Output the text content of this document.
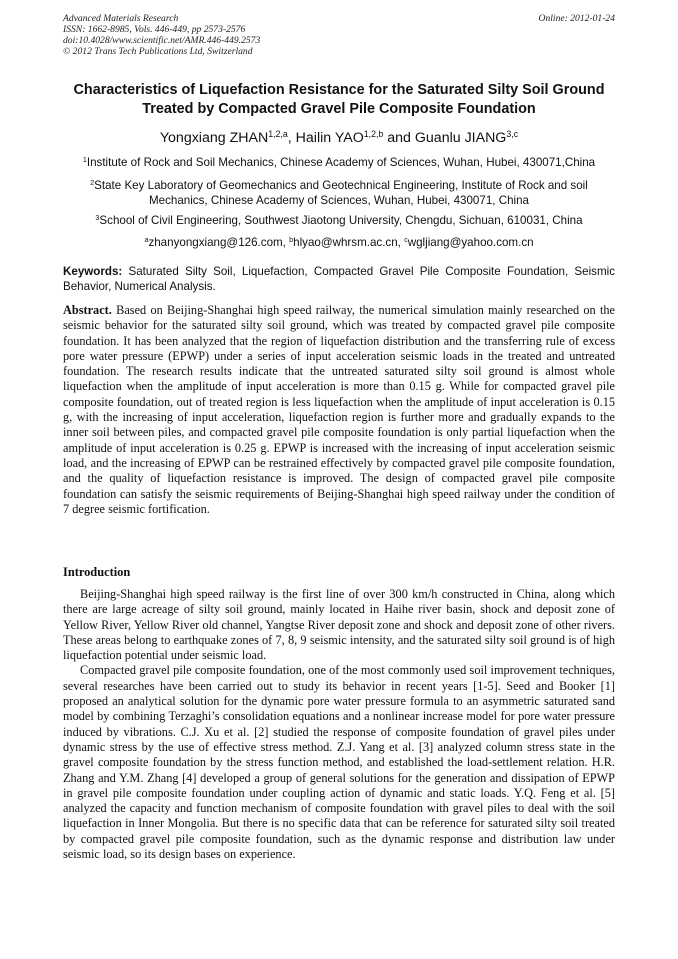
Advanced Materials Research
ISSN: 1662-8985, Vols. 446-449, pp 2573-2576
doi:10.4028/www.scientific.net/AMR.446-449.2573
© 2012 Trans Tech Publications Ltd, Switzerland
Online: 2012-01-24
Characteristics of Liquefaction Resistance for the Saturated Silty Soil Ground Treated by Compacted Gravel Pile Composite Foundation
Yongxiang ZHAN$^{1,2,a}$, Hailin YAO$^{1,2,b}$ and Guanlu JIANG$^{3,c}$
$^1$Institute of Rock and Soil Mechanics, Chinese Academy of Sciences, Wuhan, Hubei, 430071,China
$^2$State Key Laboratory of Geomechanics and Geotechnical Engineering, Institute of Rock and soil Mechanics, Chinese Academy of Sciences, Wuhan, Hubei, 430071, China
$^3$School of Civil Engineering, Southwest Jiaotong University, Chengdu, Sichuan, 610031, China
$^a$zhanyongxiang@126.com, $^b$hlyao@whrsm.ac.cn, $^c$wgljiang@yahoo.com.cn
Keywords: Saturated Silty Soil, Liquefaction, Compacted Gravel Pile Composite Foundation, Seismic Behavior, Numerical Analysis.

Abstract. Based on Beijing-Shanghai high speed railway, the numerical simulation mainly researched on the seismic behavior for the saturated silty soil ground, which was treated by compacted gravel pile composite foundation. It has been analyzed that the region of liquefaction distribution and the transferring rule of excess pore water pressure (EPWP) under a series of input acceleration seismic loads in the treated and untreated foundation. The research results indicate that the untreated saturated silty soil ground is almost whole liquefaction when the amplitude of input acceleration is more than 0.15 g. While for compacted gravel pile composite foundation, out of treated region is less liquefaction when the amplitude of input acceleration is 0.15 g, with the increasing of input acceleration, liquefaction region is further more and gradually expands to the inner soil between piles, and compacted gravel pile composite foundation is only partial liquefaction when the amplitude of input acceleration is 0.25 g. EPWP is increased with the increasing of input acceleration seismic load, and the increasing of EPWP can be restrained effectively by compacted gravel pile composite foundation, and the quality of liquefaction resistance is improved. The design of compacted gravel pile composite foundation can satisfy the seismic requirements of Beijing-Shanghai high speed railway under the condition of 7 degree seismic fortification.

Introduction

Beijing-Shanghai high speed railway is the first line of over 300 km/h constructed in China, along which there are large acreage of silty soil ground, mainly located in Haihe river basin, shock and deposit zone of Yellow River, Yellow River old channel, Yangtse River deposit zone and shock and deposit zone of other rivers. These areas belong to earthquake zones of 7, 8, 9 seismic intensity, and the saturated silty soil ground is of high liquefaction potential under seismic load.

Compacted gravel pile composite foundation, one of the most commonly used soil improvement techniques, several researches have been carried out to study its behavior in recent years [1-5]. Seed and Booker [1] proposed an analytical solution for the dynamic pore water pressure formula to an asymmetric saturated sand model by combining Terzaghi’s consolidation equations and a nonlinear increase model for pore water pressure induced by vibrations. C.J. Xu et al. [2] studied the response of composite foundation of gravel piles under dynamic stress by the use of effective stress method. Z.J. Yang et al. [3] analyzed column stress state in the gravel composite foundation by the stress function method, and established the load-settlement relation. H.R. Zhang and Y.M. Zhang [4] developed a group of general solutions for the generation and dissipation of EPWP in gravel pile composite foundation under coupling action of dynamic and static loads. Y.Q. Feng et al. [5] analyzed the capacity and function mechanism of composite foundation with gravel piles to deal with the soil liquefaction in Inner Mongolia. But there is no specific data that can be reference for saturated silty soil treated by compacted gravel pile composite foundation, such as the dynamic response and distribution law under seismic load, so its design bases on experience.
